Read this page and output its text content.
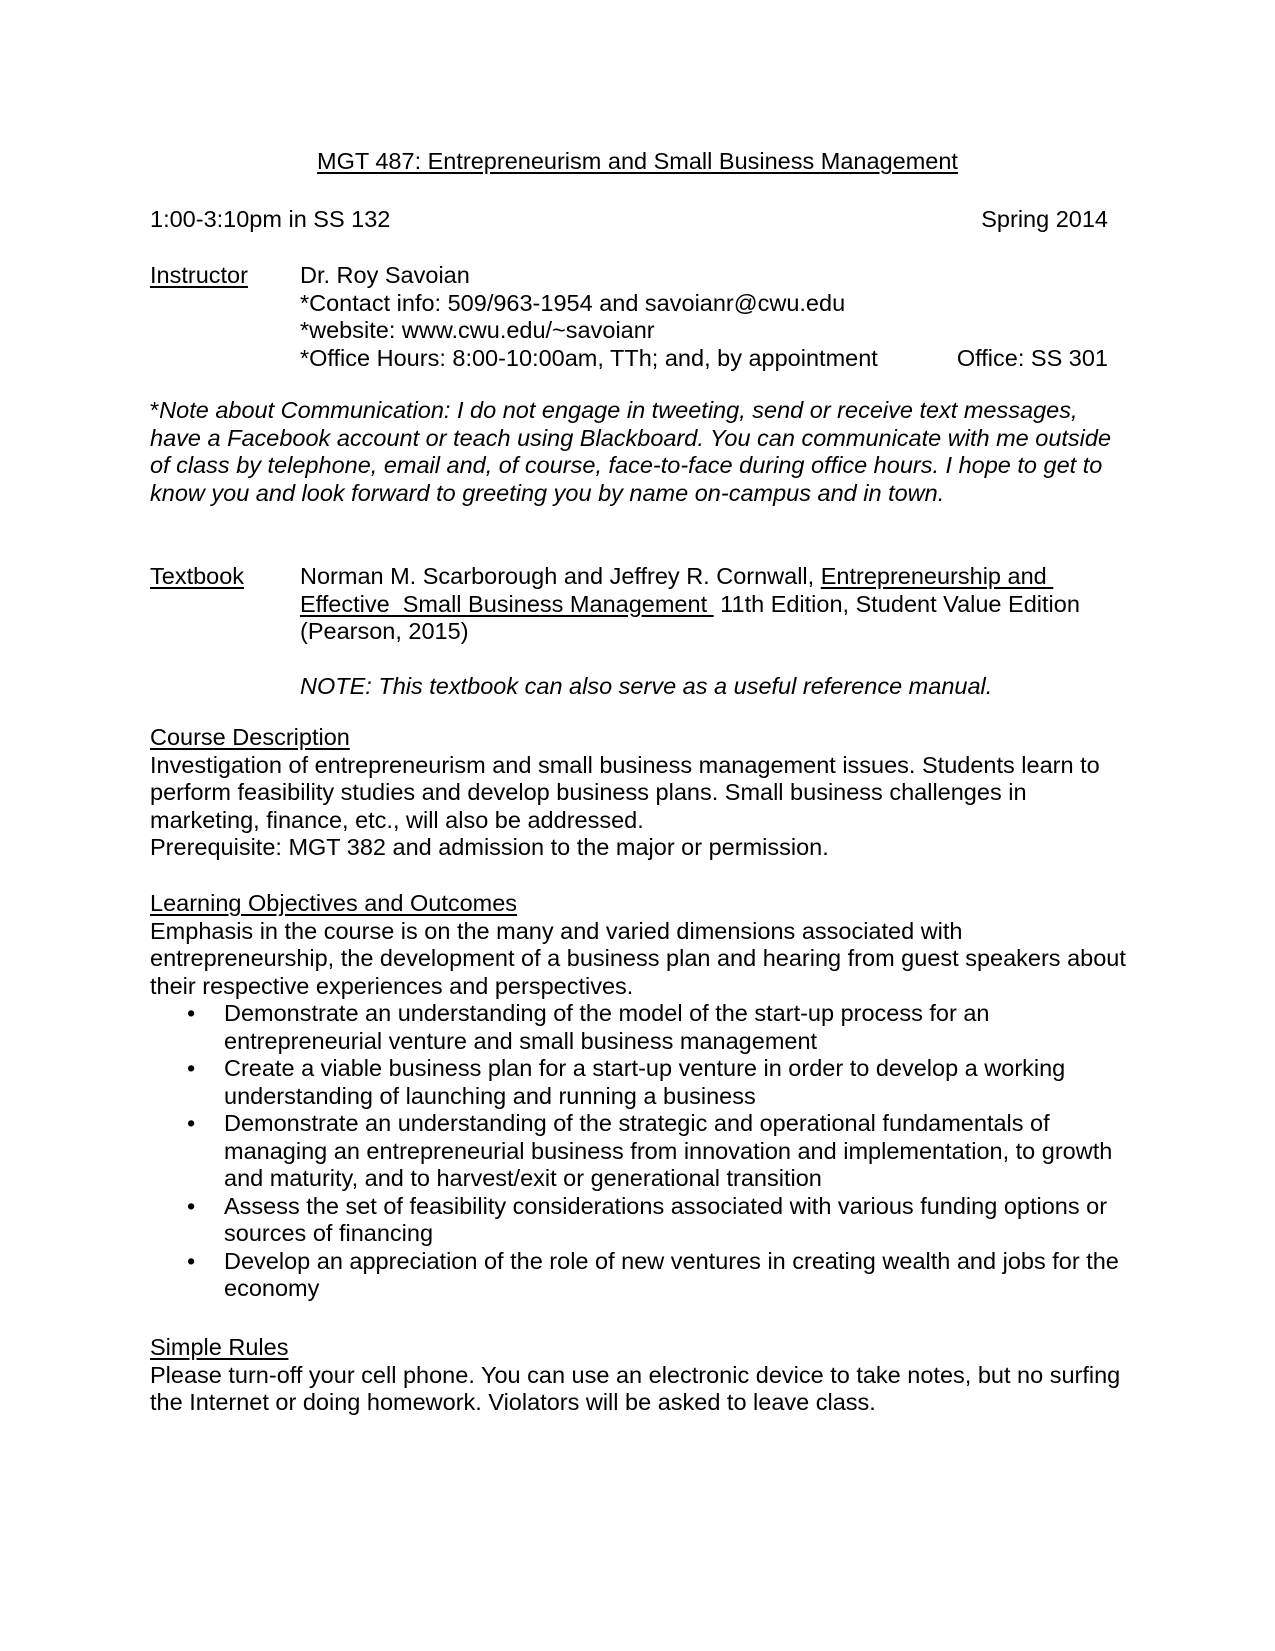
MGT 487: Entrepreneurism and Small Business Management
1:00-3:10pm in SS 132	Spring 2014
Instructor Dr. Roy Savoian
*Contact info: 509/963-1954 and savoianr@cwu.edu
*website: www.cwu.edu/~savoianr
*Office Hours: 8:00-10:00am, TTh; and, by appointment	Office: SS 301
*Note about Communication: I do not engage in tweeting, send or receive text messages, have a Facebook account or teach using Blackboard. You can communicate with me outside of class by telephone, email and, of course, face-to-face during office hours. I hope to get to know you and look forward to greeting you by name on-campus and in town.
Textbook Norman M. Scarborough and Jeffrey R. Cornwall, Entrepreneurship and Effective  Small Business Management  11th Edition, Student Value Edition (Pearson, 2015)
NOTE: This textbook can also serve as a useful reference manual.
Course Description
Investigation of entrepreneurism and small business management issues. Students learn to perform feasibility studies and develop business plans. Small business challenges in marketing, finance, etc., will also be addressed.
Prerequisite: MGT 382 and admission to the major or permission.
Learning Objectives and Outcomes
Emphasis in the course is on the many and varied dimensions associated with entrepreneurship, the development of a business plan and hearing from guest speakers about their respective experiences and perspectives.
• Demonstrate an understanding of the model of the start-up process for an entrepreneurial venture and small business management
• Create a viable business plan for a start-up venture in order to develop a working understanding of launching and running a business
• Demonstrate an understanding of the strategic and operational fundamentals of managing an entrepreneurial business from innovation and implementation, to growth and maturity, and to harvest/exit or generational transition
• Assess the set of feasibility considerations associated with various funding options or sources of financing
• Develop an appreciation of the role of new ventures in creating wealth and jobs for the economy
Simple Rules
Please turn-off your cell phone. You can use an electronic device to take notes, but no surfing the Internet or doing homework. Violators will be asked to leave class.
